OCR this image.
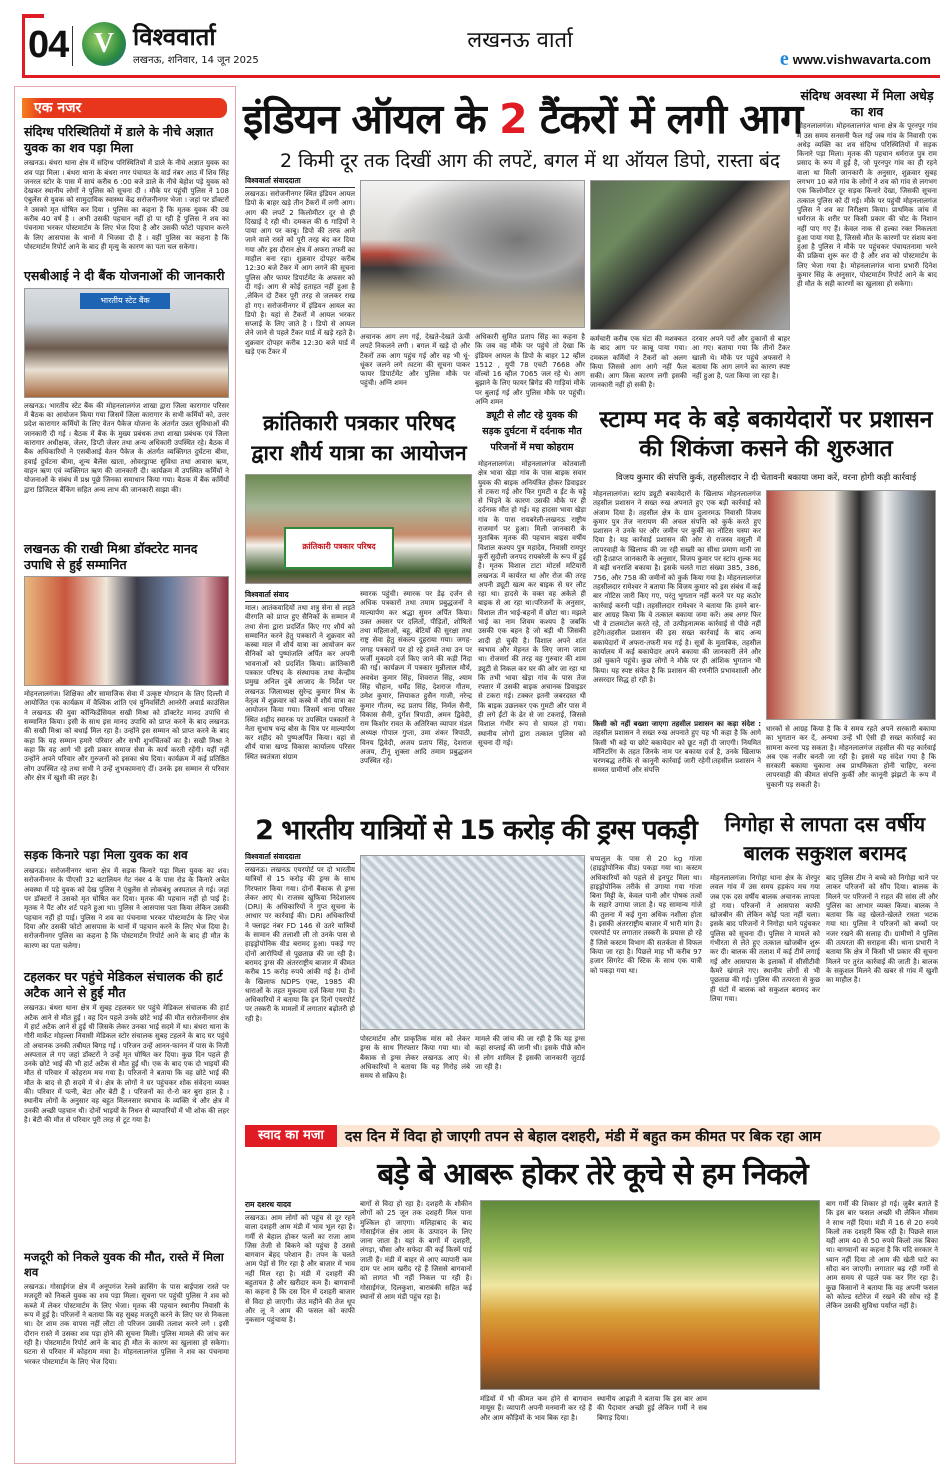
04 V विश्ववार्ता
लखनऊ, शनिवार, 14 जून 2025
लखनऊ वार्ता
e www.vishwavarta.com
एक नजर
संदिग्ध परिस्थितियों में डाले के नीचे अज्ञात युवक का शव पड़ा मिला
लखनऊ। बंथरा थाना क्षेत्र में संदिग्ध परिस्थितियों में डाले के नीचे अज्ञात युवक का शव पड़ा मिला । बंथरा थाना के बंथरा नगर पंचायत के वार्ड नंबर आठ में शिव सिंह जनरल स्टोर के पास में सायं करीब 6 :00 बजे डाले के नीचे बेहोश पड़े युवक को देखकर स्थानीय लोगों ने पुलिस को सूचना दी । मौके पर पहुंची पुलिस ने 108 एंबुलेंस से युवक को सामुदायिक स्वास्थ्य केंद्र सरोजनीनगर भेजा । जहां पर डॉक्टरों ने उसको मृत घोषित कर दिया । पुलिस का कहना है कि मृतक युवक की उम्र करीब 40 वर्ष है । अभी उसकी पहचान नहीं हो पा रही है पुलिस ने शव का पंचनामा भरकर पोस्टमार्टम के लिए भेज दिया है और उसकी फोटो पहचान करने के लिए आसपास के थानों में भिजवा दी है । वहीं पुलिस का कहना है कि पोस्टमार्टम रिपोर्ट आने के बाद ही मृत्यु के कारण का पता चल सकेगा।
एसबीआई ने दी बैंक योजनाओं की जानकारी
भारतीय स्टेट बैंक
लखनऊ। भारतीय स्टेट बैंक की मोहनलालगंज शाखा द्वारा जिला कारागार परिसर में बैठक का आयोजन किया गया जिसमें जिला कारागार के सभी कर्मियों को, उत्तर प्रदेश कारागार कर्मियों के लिए वेतन पैकेज योजना के अंतर्गत उन्नत सुविधाओं की जानकारी दी गई । बैठक में बैंक के मुख्य प्रबंधक तथा शाखा प्रबंधक एवं जिला कारागार अधीक्षक, जेलर, डिप्टी जेलर तथा अन्य अधिकारी उपस्थित रहे। बैठक में बैंक अधिकारियों ने एसबीआई वेतन पैकेज के अंतर्गत व्यक्तिगत दुर्घटना बीमा, हवाई दुर्घटना बीमा, शून्य बैलेंस खाता, ओवरड्राफ्ट सुविधा तथा आवास ऋण, वाहन ऋण एवं व्यक्तिगत ऋण की जानकारी दी। कार्यक्रम में उपस्थित कर्मियों ने योजनाओं के संबंध में प्रश्न पूछे जिनका समाधान किया गया। बैठक में बैंक कर्मियों द्वारा डिजिटल बैंकिंग सहित अन्य लाभ की जानकारी साझा की।
लखनऊ की राखी मिश्रा डॉक्टरेट मानद उपाधि से हुई सम्मानित
मोहनलालगंज। शिक्षिका और सामाजिक सेवा में उत्कृष्ट योगदान के लिए दिल्ली में आयोजित एक कार्यक्रम में वैश्विक शांति एवं युनिवर्सिटी आनरेरी अवार्ड काउंसिल ने लखनऊ की युवा कॉन्फिडेंसियल सखी मिश्रा को डॉक्टरेट मानद उपाधि से सम्मानित किया। इसी के साथ इस मानद उपाधि को प्राप्त करने के बाद लखनऊ की सखी मिश्रा को बधाई मिल रहा है। उन्होंने इस सम्मान को प्राप्त करने के बाद कहा कि यह सम्मान हमारे परिवार और सभी शुभचिंतकों का है। सखी मिश्रा ने कहा कि वह आगे भी इसी प्रकार समाज सेवा के कार्य करती रहेंगी। यहीं नहीं उन्होंने अपने परिवार और गुरुजनों को इसका श्रेय दिया। कार्यक्रम में कई प्रतिष्ठित लोग उपस्थित रहे तथा सभी ने उन्हें शुभकामनाएं दीं। उनके इस सम्मान से परिवार और क्षेत्र में खुशी की लहर है।
सड़क किनारे पड़ा मिला युवक का शव
लखनऊ। सरोजनीनगर थाना क्षेत्र में सड़क किनारे पड़ा मिला युवक का शव। सरोजनीनगर के पीएसी 32 बटालियन गेट नंबर 4 के पास रोड के किनारे अचेत अवस्था में पड़े युवक को देख पुलिस ने एंबुलेंस से लोकबंधु अस्पताल ले गई। जहां पर डॉक्टरों ने उसको मृत घोषित कर दिया। मृतक की पहचान नहीं हो पाई है। मृतक ने पैंट और शर्ट पहने हुआ था। पुलिस ने आसपास पता किया लेकिन उसकी पहचान नहीं हो पाई। पुलिस ने शव का पंचनामा भरकर पोस्टमार्टम के लिए भेज दिया और उसकी फोटो आसपास के थानों में पहचान करने के लिए भेज दिया है। सरोजनीनगर पुलिस का कहना है कि पोस्टमार्टम रिपोर्ट आने के बाद ही मौत के कारण का पता चलेगा।
टहलकर घर पहुंचे मेडिकल संचालक की हार्ट अटैक आने से हुई मौत
लखनऊ। बंथरा थाना क्षेत्र में सुबह टहलकर घर पहुंचे मेडिकल संचालक की हार्ट अटैक आने से मौत हुई । वह दिन पहले उनके छोटे भाई की मौत सरोजनीनगर क्षेत्र में हार्ट अटैक आने से हुई थी जिसके लेकर उनका भाई सदमे में था। बंथरा थाना के गौरी मार्केट मोहल्ला निवासी मेडिकल स्टोर संचालक सुबह टहलने के बाद घर पहुंचे तो अचानक उनकी तबीयत बिगड़ गई । परिजन उन्हें आनन-फानन में पास के निजी अस्पताल ले गए जहां डॉक्टरों ने उन्हें मृत घोषित कर दिया। कुछ दिन पहले ही उनके छोटे भाई की भी हार्ट अटैक से मौत हुई थी। एक के बाद एक दो भाइयों की मौत से परिवार में कोहराम मच गया है। परिजनों ने बताया कि वह छोटे भाई की मौत के बाद से ही सदमे में थे। क्षेत्र के लोगों ने घर पहुंचकर शोक संवेदना व्यक्त की। परिवार में पत्नी, बेटा और बेटी हैं । परिजनों का रो-रो कर बुरा हाल है । स्थानीय लोगों के अनुसार वह बहुत मिलनसार स्वभाव के व्यक्ति थे और क्षेत्र में उनकी अच्छी पहचान थी। दोनों भाइयों के निधन से व्यापारियों में भी शोक की लहर है। बेटी की मौत से परिवार पूरी तरह से टूट गया है।
मजदूरी को निकले युवक की मौत, रास्ते में मिला शव
लखनऊ। गोसाईगंज क्षेत्र में अनूपगंज रेलवे क्रासिंग के पास बाईपास रास्ते पर मजदूरी को निकले युवक का शव पड़ा मिला। सूचना पर पहुंची पुलिस ने शव को कब्जे में लेकर पोस्टमार्टम के लिए भेजा। मृतक की पहचान स्थानीय निवासी के रूप में हुई है। परिजनों ने बताया कि वह सुबह मजदूरी करने के लिए घर से निकला था। देर शाम तक वापस नहीं लौटा तो परिजन उसकी तलाश करने लगे । इसी दौरान रास्ते में उसका शव पड़ा होने की सूचना मिली। पुलिस मामले की जांच कर रही है। पोस्टमार्टम रिपोर्ट आने के बाद ही मौत के कारण का खुलासा हो सकेगा। घटना से परिवार में कोहराम मचा है। मोहनलालगंज पुलिस ने शव का पंचनामा भरकर पोस्टमार्टम के लिए भेज दिया।
इंडियन ऑयल के 2 टैंकरों में लगी आग
2 किमी दूर तक दिखीं आग की लपटें, बगल में था ऑयल डिपो, रास्ता बंद
विश्ववार्ता संवाददाता
लखनऊ। सरोजनीनगर स्थित इंडियन आयल डिपो के बाहर खड़े तीन टैंकरों में लगी आग। आग की लपटें 2 किलोमीटर दूर से ही दिखाई दे रही थी। दमकल की 6 गाड़ियों ने पाया आग पर काबू। डिपो की तरफ आने जाने वाले रास्ते को पूरी तरह बंद कर दिया गया और इस दौरान क्षेत्र में अफरा तफरी का माहौल बना रहा। शुक्रवार दोपहर करीब 12:30 बजे टैंकर में आग लगने की सूचना पुलिस और फायर डिपार्टमेंट के अफसर को दी गई। आग से कोई हताहत नहीं हुआ है ,लेकिन दो टैंकर पूरी तरह से जलकर राख हो गए। सरोजनीनगर में इंडियन आयल का डिपो है। यहां से टैंकरों में आयल भरकर सप्लाई के लिए जाते है । डिपो से आयल लेने जाने से पहले टैंकर यार्ड में खड़े रहते है। शुक्रवार दोपहर करीब 12:30 बजे यार्ड में खड़े एक टैंकर में
अचानक आग लग गई, देखते-देखते ऊंची लपटें निकलने लगी । बगल में खड़े दो और टैंकरों तक आग पहुंच गई और वह भी धूं-धूंकर जलने लगे ।घटना की सूचना पाकर फायर डिपार्टमेंट और पुलिस मौके पर पहुंची। अग्नि शमन
अधिकारी सुमित प्रताप सिंह का कहना है कि जब वह मौके पर पहुंचे तो देखा कि इंडियन आयल के डिपो के बाहर 12 व्हील 1512 , यूपी 78 एचटी 7668 और वॉल्वो 16 व्हील 7065 जल रहे थे। आग बुझाने के लिए फायर ब्रिगेड की गाड़ियां मौके पर बुलाई गई और पुलिस मौके पर पहुंची। अग्नि शमन
कर्मचारी करीब एक घंटा की मशक्कत के बाद आग पर काबू पाया गया। दमकल कर्मियों ने टैंकरों को अलग किया जिससे आग आगे नहीं फैल सकी। आग किस कारण लगी इसकी जानकारी नहीं हो सकी है।
दरवार अपने परों और दुकानों से बाहर आ गए। बताया गया कि तीनों टैंकर खाली थे। मौके पर पहुंचे अफसरों ने बताया कि आग लगने का कारण स्पष्ट नहीं हुआ है, पता किया जा रहा है।
संदिग्ध अवस्था में मिला अधेड़ का शव
मोहनलालगंज। मोहनलालगंज थाना क्षेत्र के पूरनपुर गांव में उस समय सनसनी फैल गई जब गांव के निवासी एक अधेड़ व्यक्ति का शव संदिग्ध परिस्थितियों में सड़क किनारे पड़ा मिला। मृतक की पहचान धर्मराज पुत्र राम प्रसाद के रूप में हुई है, जो पूरनपुर गांव का ही रहने वाला था मिली जानकारी के अनुसार, शुक्रवार सुबह लगभग 10 बजे गांव के लोगों ने शव को गांव से लगभग एक किलोमीटर दूर सड़क किनारे देखा, जिसकी सूचना तत्काल पुलिस को दी गई। मौके पर पहुंची मोहनलालगंज पुलिस ने शव का निरीक्षण किया। प्राथमिक जांच में धर्मराज के शरीर पर किसी प्रकार की चोट के निशान नहीं पाए गए हैं। केवल नाक से हल्का रक्त निकलता हुआ पाया गया है, जिससे मौत के कारणों पर संशय बना हुआ है पुलिस ने मौके पर पहुंचकर पंचायतनामा भरने की प्रक्रिया शुरू कर दी है और शव को पोस्टमार्टम के लिए भेजा गया है। मोहनलालगंज थाना प्रभारी दिनेश कुमार सिंह के अनुसार, पोस्टमार्टम रिपोर्ट आने के बाद ही मौत के सही कारणों का खुलासा हो सकेगा।
क्रांतिकारी पत्रकार परिषद द्वारा शौर्य यात्रा का आयोजन
क्रांतिकारी पत्रकार परिषद
विश्ववार्ता संवाद
माल। आतंकवादियों तथा शत्रु सेना से लड़ते वीरगति को प्राप्त हुए सैनिकों के सम्मान में तथा सेना द्वारा प्रदर्शित किए गए शौर्य को सम्मानित करने हेतु पत्रकारों ने शुक्रवार को कस्बा माल में शौर्य यात्रा का आयोजन कर सैनिकों को पुष्पांजलि अर्पित कर अपनी भावनाओं को प्रदर्शित किया। क्रांतिकारी पत्रकार परिषद के संस्थापक तथा केन्द्रीय प्रमुख अनिल दुबे आजाद के निर्देश पर लखनऊ जिलाध्यक्ष सुरेन्द्र कुमार मिश्र के नेतृत्व में शुक्रवार को कस्बे में शौर्य यात्रा का आयोजन किया गया। जिसमें थाना परिसर स्थित शहीद स्मारक पर उपस्थित पत्रकारों ने नेता सुभाष चन्द्र बोस के चित्र पर माल्यार्पण कर शहीद को पुष्पअर्पित किया। वहां से शौर्य यात्रा खण्ड विकास कार्यालय परिसर स्थित स्वतंत्रता संग्राम
स्मारक पहुंची। स्मारक पर डेढ़ दर्जन से अधिक पत्रकारों तथा तमाम प्रबुद्धजनों ने माल्यार्पण कर श्रद्धा सुमन अर्पित किया। उक्त अवसर पर दलितों, पीड़ितों, शोषितों तथा महिलाओं, बहू, बेटियों की सुरक्षा तथा राष्ट्र सेवा हेतु संकल्प दुहराया गया। जगह-जगह पत्रकारों पर हो रहे हमले तथा उन पर फर्जी मुकदमे दर्ज किए जाने की कड़ी निंदा की गई। कार्यक्रम में पत्रकार मुन्नीलाल मौर्य, अवधेश कुमार सिंह, शिवराज सिंह, श्याम सिंह चौहान, धर्मेंद्र सिंह, देशराज गौतम, उमेश कुमार, लियाकत हुसैन गाजी, नरेन्द्र कुमार गौतम, रुद्र प्रताप सिंह, निर्मल सैनी, विकास सैनी, दुर्गेश त्रिपाठी, अमन द्विवेदी, राम किशोर रावत के अतिरिक्त व्यापार मंडल अध्यक्ष गोपाल गुप्ता, उमा शंकर त्रिपाठी, विनय द्विवेदी, अजय प्रताप सिंह, देशराज अजय, टीनू शुक्ला आदि तमाम प्रबुद्धजन उपस्थित रहे।
ड्यूटी से लौट रहे युवक की सड़क दुर्घटना में दर्दनाक मौत परिजनों में मचा कोहराम
मोहनलालगंज। मोहनलालगंज कोतवाली क्षेत्र भावा खेड़ा गांव के पास बाइक सवार युवक की बाइक अनियंत्रित होकर डिवाइडर से टकरा गई और फिर गुमटी व ईंट के चट्टे से भिड़ने के कारण उसकी मौके पर ही दर्दनाक मौत हो गई। यह हादसा भावा खेड़ा गांव के पास रायबरेली-लखनऊ राष्ट्रीय राजमार्ग पर हुआ। मिली जानकारी के मुताबिक मृतक की पहचान बाइस वर्षीय विशाल कश्यप पुत्र महादेव, निवासी रामपुर कुर्री सुदौली जनपद रायबरेली के रूप में हुई है। मृतक विशाल टाटा मोटर्स मटियारी लखनऊ में कार्यरत था और रोज की तरह अपनी ड्यूटी खत्म कर बाइक से घर लौट रहा था। हादसे के वक्त वह अकेले ही बाइक से आ रहा था।परिजनों के अनुसार, विशाल तीन भाई-बहनों में छोटा था। मझले भाई का नाम शिवम कश्यप है जबकि उसकी एक बहन है जो बड़ी थी जिसकी शादी हो चुकी है। विशाल अपने शांत स्वभाव और मेहनत के लिए जाना जाता था। रोजमर्रा की तरह वह गुरुवार की शाम ड्यूटी से निकल कर घर की ओर जा रहा था कि तभी भावा खेड़ा गांव के पास तेज रफ्तार में उसकी बाइक अचानक डिवाइडर से टकरा गई। टक्कर इतनी जबरदस्त थी कि बाइक उछलकर एक गुमटी और पास में ही लगे ईंटों के ढेर से जा टकराई, जिससे विशाल गंभीर रूप से घायल हो गया। स्थानीय लोगों द्वारा तत्काल पुलिस को सूचना दी गई।
स्टाम्प मद के बड़े बकायेदारों पर प्रशासन की शिकंजा कसने की शुरुआत
विजय कुमार की संपत्ति कुर्क, तहसीलदार ने दी चेतावनी बकाया जमा करें, वरना होगी कड़ी कार्रवाई
मोहनलालगंज। स्टांप ड्यूटी बकायेदारों के खिलाफ मोहनलालगंज तहसील प्रशासन ने सख्त रुख अपनाते हुए एक बड़ी कार्रवाई को अंजाम दिया है। तहसील क्षेत्र के ग्राम दुलारमऊ निवासी विजय कुमार पुत्र तेज नारायण की अचल संपत्ति को कुर्क करते हुए प्रशासन ने उनके घर और जमीन पर कुर्की का नोटिस चस्पा कर दिया है। यह कार्रवाई प्रशासन की ओर से राजस्व वसूली में लापरवाही के खिलाफ की जा रही सख्ती का सीधा प्रमाण मानी जा रही है।प्राप्त जानकारी के अनुसार, विजय कुमार पर स्टांप शुल्क मद में बड़ी धनराशि बकाया है। इसके चलते गाटा संख्या 385, 386, 756, और 758 की जमीनों को कुर्क किया गया है। मोहनलालगंज तहसीलदार रामेश्वर ने बताया कि विजय कुमार को इस संबंध में कई बार नोटिस जारी किए गए, परंतु भुगतान नहीं करने पर यह कठोर कार्रवाई करनी पड़ी। तहसीलदार रामेश्वर ने बताया कि हमने बार-बार आग्रह किया कि वे तत्काल बकाया जमा करें। अब अगर फिर भी वे टालमटोल करते रहे, तो उत्पीड़नात्मक कार्रवाई से पीछे नहीं हटेंगे।तहसील प्रशासन की इस सख्त कार्रवाई के बाद अन्य बकायेदारों में अफरा-तफरी मच गई है। सूत्रों के मुताबिक, तहसील कार्यालय में कई बकायेदार अपने बकाया की जानकारी लेने और उसे चुकाने पहुंचे। कुछ लोगों ने मौके पर ही आंशिक भुगतान भी किया। यह स्पष्ट संकेत है कि प्रशासन की रणनीति प्रभावशाली और असरदार सिद्ध हो रही है।
किसी को नहीं बख्शा जाएगा तहसील प्रशासन का कड़ा संदेश : तहसील प्रशासन ने सख्त रुख अपनाते हुए यह भी कहा है कि आगे किसी भी बड़े या छोटे बकायेदार को छूट नहीं दी जाएगी। नियमित मॉनिटरिंग के तहत जिनके नाम पर बकाया दर्ज है, उनके खिलाफ चरणबद्ध तरीके से कानूनी कार्रवाई जारी रहेगी।तहसील प्रशासन ने समस्त ग्रामीणों और संपत्ति
धारकों से आग्रह किया है कि वे समय रहते अपने सरकारी बकाया का भुगतान कर दें, अन्यथा उन्हें भी ऐसी ही सख्त कार्रवाई का सामना करना पड़ सकता है। मोहनलालगंज तहसील की यह कार्रवाई अब एक नजीर बनती जा रही है। इससे यह संदेश गया है कि सरकारी बकाया चुकाना अब प्राथमिकता होनी चाहिए, वरना लापरवाही की कीमत संपत्ति कुर्की और कानूनी झंझटों के रूप में चुकानी पड़ सकती है।
2 भारतीय यात्रियों से 15 करोड़ की ड्रग्स पकड़ी
विश्ववार्ता संवाददाता
लखनऊ। लखनऊ एयरपोर्ट पर दो भारतीय यात्रियों से 15 करोड़ की ड्रग्स के साथ गिरफ्तार किया गया। दोनों बैंकाक से ड्रग्स लेकर आए थे। राजस्व खुफिया निदेशालय (DRI) के अधिकारियों ने गुप्त सूचना के आधार पर कार्रवाई की। DRI अधिकारियों ने फ्लाइट नंबर FD 146 से उतरे यात्रियों के सामान की तलाशी ली तो उनके पास से हाइड्रोपोनिक वीड बरामद हुआ। पकड़े गए दोनों आरोपियों से पूछताछ की जा रही है। बरामद ड्रग्स की अंतरराष्ट्रीय बाजार में कीमत करीब 15 करोड़ रुपये आंकी गई है। दोनों के खिलाफ NDPS एक्ट, 1985 की धाराओं के तहत मुकदमा दर्ज किया गया है। अधिकारियों ने बताया कि इन दिनों एयरपोर्ट पर तस्करी के मामलों में लगातार बढ़ोतरी हो रही है।
पोस्टमार्टम और प्राकृतिक मांस को लेकर ड्रग्स के साथ गिरफ्तार किया गया था। वो बैंकाक से ड्रग्स लेकर लखनऊ आए थे। अधिकारियों ने बताया कि यह गिरोह लंबे समय से सक्रिय है।
मामले की जांच की जा रही है कि यह ड्रग्स कहां सप्लाई की जानी थी। इसके पीछे कौन से लोग शामिल हैं इसकी जानकारी जुटाई जा रही है।
चप्पलूल के पास से 20 kg गांजा (हाइड्रोपोनिक वीड) पकड़ा गया था। कस्टम अधिकारियों को पहले से इनपुट मिला था। हाइड्रोपोनिक तरीके से उगाया गया गांजा बिना मिट्टी के, केवल पानी और पोषक तत्वों के सहारे उगाया जाता है। यह सामान्य गांजे की तुलना में कई गुना अधिक नशीला होता है। इसकी अंतरराष्ट्रीय बाजार में भारी मांग है। एयरपोर्ट पर लगातार तस्करी के प्रयास हो रहे हैं जिसे कस्टम विभाग की सतर्कता से विफल किया जा रहा है। पिछले माह भी करीब 97 हजार सिगरेट की स्टिक के साथ एक यात्री को पकड़ा गया था।
निगोहा से लापता दस वर्षीय बालक सकुशल बरामद
मोहनलालगंज। निगोहा थाना क्षेत्र के शेरपुर लवल गांव में उस समय हड़कंप मच गया जब एक दस वर्षीय बालक अचानक लापता हो गया। परिजनों ने आसपास काफी खोजबीन की लेकिन कोई पता नहीं चला। इसके बाद परिजनों ने निगोहा थाने पहुंचकर पुलिस को सूचना दी। पुलिस ने मामले को गंभीरता से लेते हुए तत्काल खोजबीन शुरू कर दी। बालक की तलाश में कई टीमें लगाई गईं और आसपास के इलाकों में सीसीटीवी कैमरे खंगाले गए। स्थानीय लोगों से भी पूछताछ की गई। पुलिस की तत्परता से कुछ ही घंटों में बालक को सकुशल बरामद कर लिया गया।
बाद पुलिस टीम ने बच्चे को निगोहा थाने पर लाकर परिजनों को सौंप दिया। बालक के मिलने पर परिजनों ने राहत की सांस ली और पुलिस का आभार व्यक्त किया। बालक ने बताया कि वह खेलते-खेलते रास्ता भटक गया था। पुलिस ने परिजनों को बच्चों पर नजर रखने की सलाह दी। ग्रामीणों ने पुलिस की तत्परता की सराहना की। थाना प्रभारी ने बताया कि क्षेत्र में किसी भी प्रकार की सूचना मिलने पर तुरंत कार्रवाई की जाती है। बालक के सकुशल मिलने की खबर से गांव में खुशी का माहौल है।
स्वाद का मजा	दस दिन में विदा हो जाएगी तपन से बेहाल दशहरी, मंडी में बहुत कम कीमत पर बिक रहा आम
बड़े बे आबरू होकर तेरे कूचे से हम निकले
राम दशरथ यादव
लखनऊ। आम लोगों को पहुंच से दूर रहने वाला दशहरी आम मंडी में भाव भूल रहा है। गर्मी से बेहाल होकर फलों का राजा आम जिस तेजी से बिकने को पहुंचा है उससे बागवान बेहद परेशान हैं। तपन के चलते आम पेड़ों से गिर रहा है और बाजार में भाव नहीं मिल रहा है। मंडी में दशहरी की बहुतायत है और खरीदार कम हैं। बागवानों का कहना है कि दस दिन में दशहरी बाजार से विदा हो जाएगी। जेठ महीने की तेज धूप और लू ने आम की फसल को काफी नुकसान पहुंचाया है।
बागों से विदा हो रहा है। दशहरी के शौकीन लोगों को 25 जून तक दशहरी मिल पाना मुश्किल हो जाएगा। मलिहाबाद के बाद गोसाईगंज क्षेत्र आम के उत्पादन के लिए जाना जाता है। यहां के बागों में दशहरी, लंगड़ा, चौसा और सफेदा की कई किस्में पाई जाती हैं। मंडी में बाहर से आए व्यापारी कम दाम पर आम खरीद रहे हैं जिससे बागवानों को लागत भी नहीं निकल पा रही है। गोसाईगंज, दिलकुशा, बाराबंकी सहित कई स्थानों से आम मंडी पहुंच रहा है।
मंडियों में भी कीमत कम होने से बागवान मायूस हैं। व्यापारी अपनी मनमानी कर रहे हैं और आम कौड़ियों के भाव बिक रहा है।
स्थानीय आढ़ती ने बताया कि इस बार आम की पैदावार अच्छी हुई लेकिन गर्मी ने सब बिगाड़ दिया।
बाग गर्मी की शिकार हो गई। जुबैर बताते हैं कि इस बार फसल अच्छी थी लेकिन मौसम ने साथ नहीं दिया। मंडी में 16 से 20 रुपये किलो तक दशहरी बिक रही है। पिछले साल यही आम 40 से 50 रुपये किलो तक बिका था। बागवानों का कहना है कि यदि सरकार ने ध्यान नहीं दिया तो आम की खेती घाटे का सौदा बन जाएगी। लगातार बढ़ रही गर्मी से आम समय से पहले पक कर गिर रहा है। कुछ किसानों ने बताया कि वह अपनी फसल को कोल्ड स्टोरेज में रखने की सोच रहे हैं लेकिन उसकी सुविधा पर्याप्त नहीं है।
